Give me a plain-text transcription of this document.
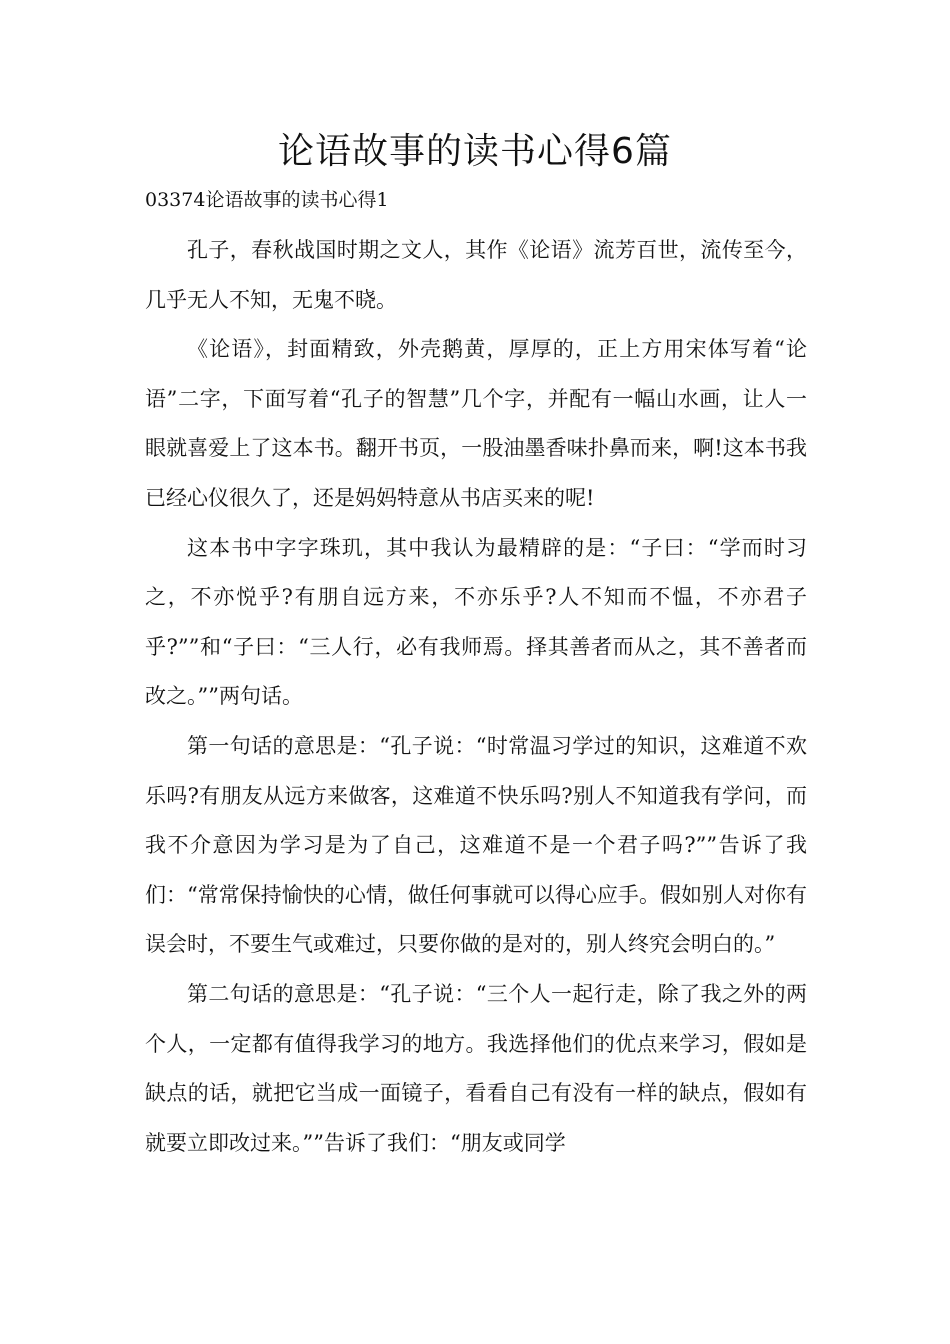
论语故事的读书心得6篇

03374论语故事的读书心得1

孔子，春秋战国时期之文人，其作《论语》流芳百世，流传至今，几乎无人不知，无鬼不晓。

《论语》，封面精致，外壳鹅黄，厚厚的，正上方用宋体写着“论语”二字，下面写着“孔子的智慧”几个字，并配有一幅山水画，让人一眼就喜爱上了这本书。翻开书页，一股油墨香味扑鼻而来，啊!这本书我已经心仪很久了，还是妈妈特意从书店买来的呢!

这本书中字字珠玑，其中我认为最精辟的是：“子曰：“学而时习之，不亦悦乎?有朋自远方来，不亦乐乎?人不知而不愠，不亦君子乎?””和“子曰：“三人行，必有我师焉。择其善者而从之，其不善者而改之。””两句话。

第一句话的意思是：“孔子说：“时常温习学过的知识，这难道不欢乐吗?有朋友从远方来做客，这难道不快乐吗?别人不知道我有学问，而我不介意因为学习是为了自己，这难道不是一个君子吗?””告诉了我们：“常常保持愉快的心情，做任何事就可以得心应手。假如别人对你有误会时，不要生气或难过，只要你做的是对的，别人终究会明白的。”

第二句话的意思是：“孔子说：“三个人一起行走，除了我之外的两个人，一定都有值得我学习的地方。我选择他们的优点来学习，假如是缺点的话，就把它当成一面镜子，看看自己有没有一样的缺点，假如有就要立即改过来。””告诉了我们：“朋友或同学
